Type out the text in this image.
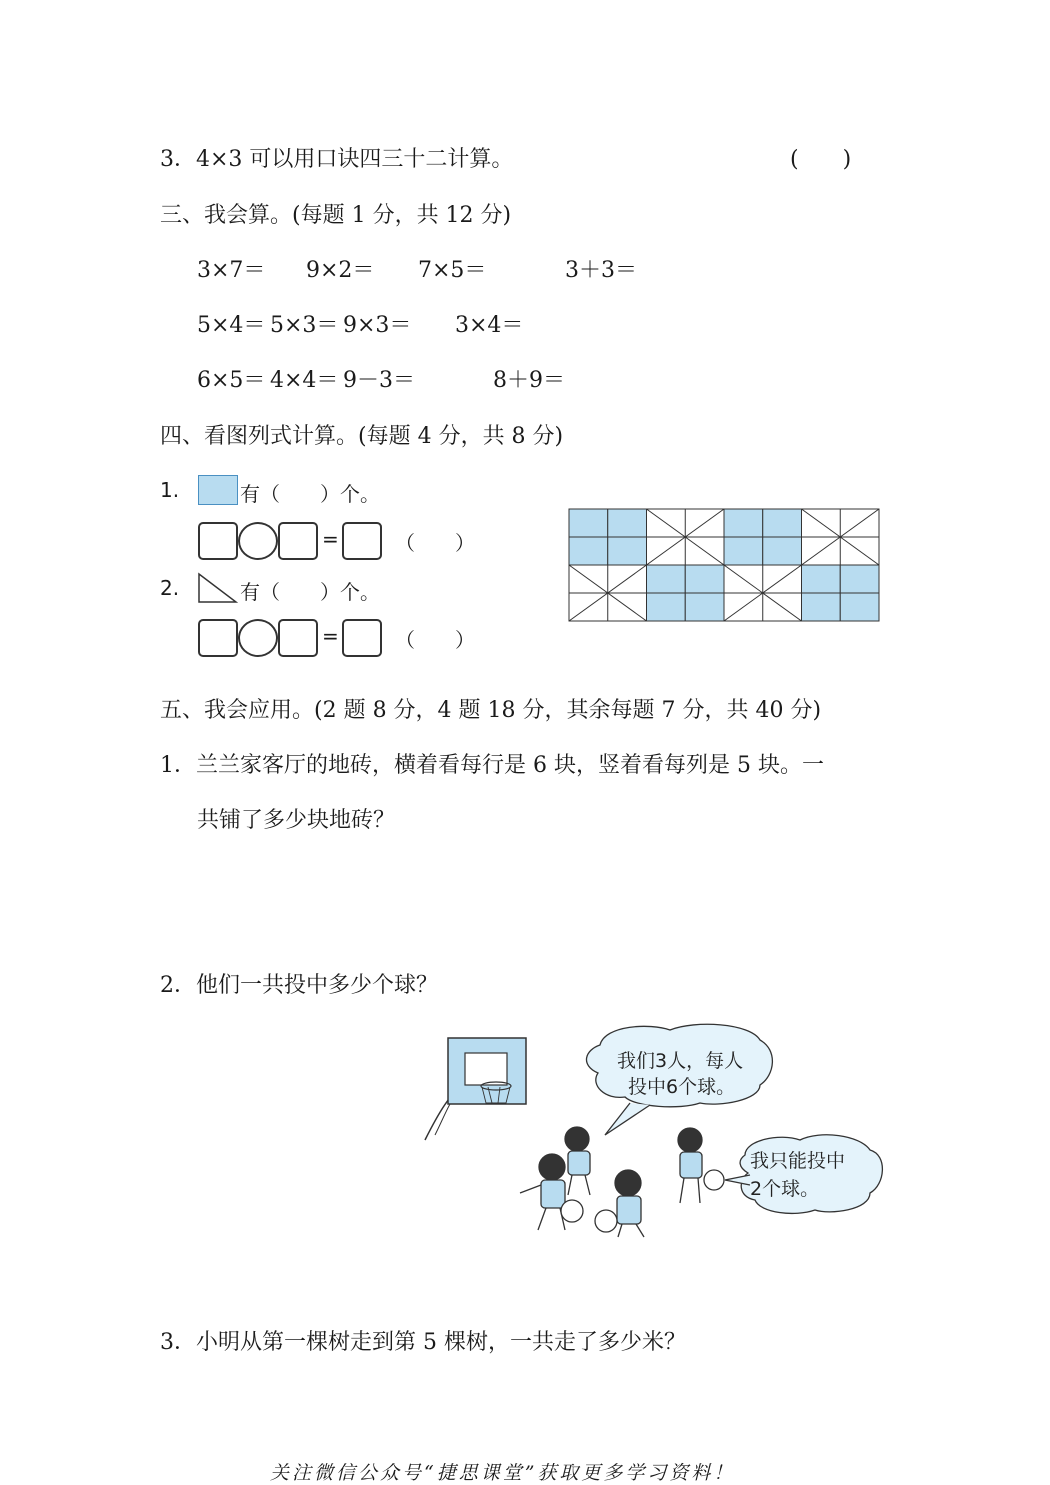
3．4×3 可以用口诀四三十二计算。	(　　)
三、我会算。(每题 1 分，共 12 分)
3×7＝ 9×2＝ 7×5＝	3＋3＝
5×4＝ 5×3＝ 9×3＝ 3×4＝
6×5＝ 4×4＝ 9－3＝	8＋9＝
四、看图列式计算。(每题 4 分，共 8 分)
1.	有（　　）个。
=	（　　）
2.	有（　　）个。
=	（　　）
五、我会应用。(2 题 8 分，4 题 18 分，其余每题 7 分，共 40 分)
1．兰兰家客厅的地砖，横着看每行是 6 块，竖着看每列是 5 块。一
共铺了多少块地砖？
2．他们一共投中多少个球？
我们3人，每人
投中6个球。
我只能投中
2个球。
3．小明从第一棵树走到第 5 棵树，一共走了多少米？
关注微信公众号“捷思课堂”获取更多学习资料！
